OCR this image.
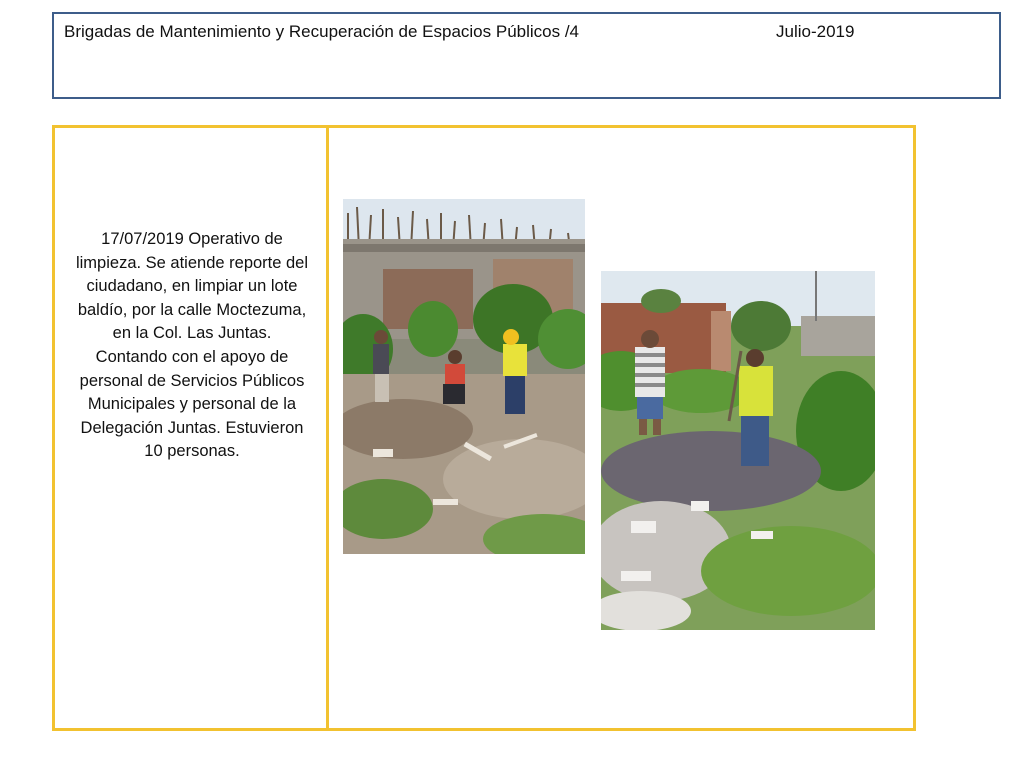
Brigadas de Mantenimiento y Recuperación de Espacios Públicos /4	Julio-2019
17/07/2019 Operativo de limpieza. Se atiende reporte del ciudadano, en limpiar un lote baldío, por la calle Moctezuma, en la Col. Las Juntas. Contando con el apoyo de personal de Servicios Públicos Municipales y personal de la Delegación Juntas. Estuvieron 10 personas.
